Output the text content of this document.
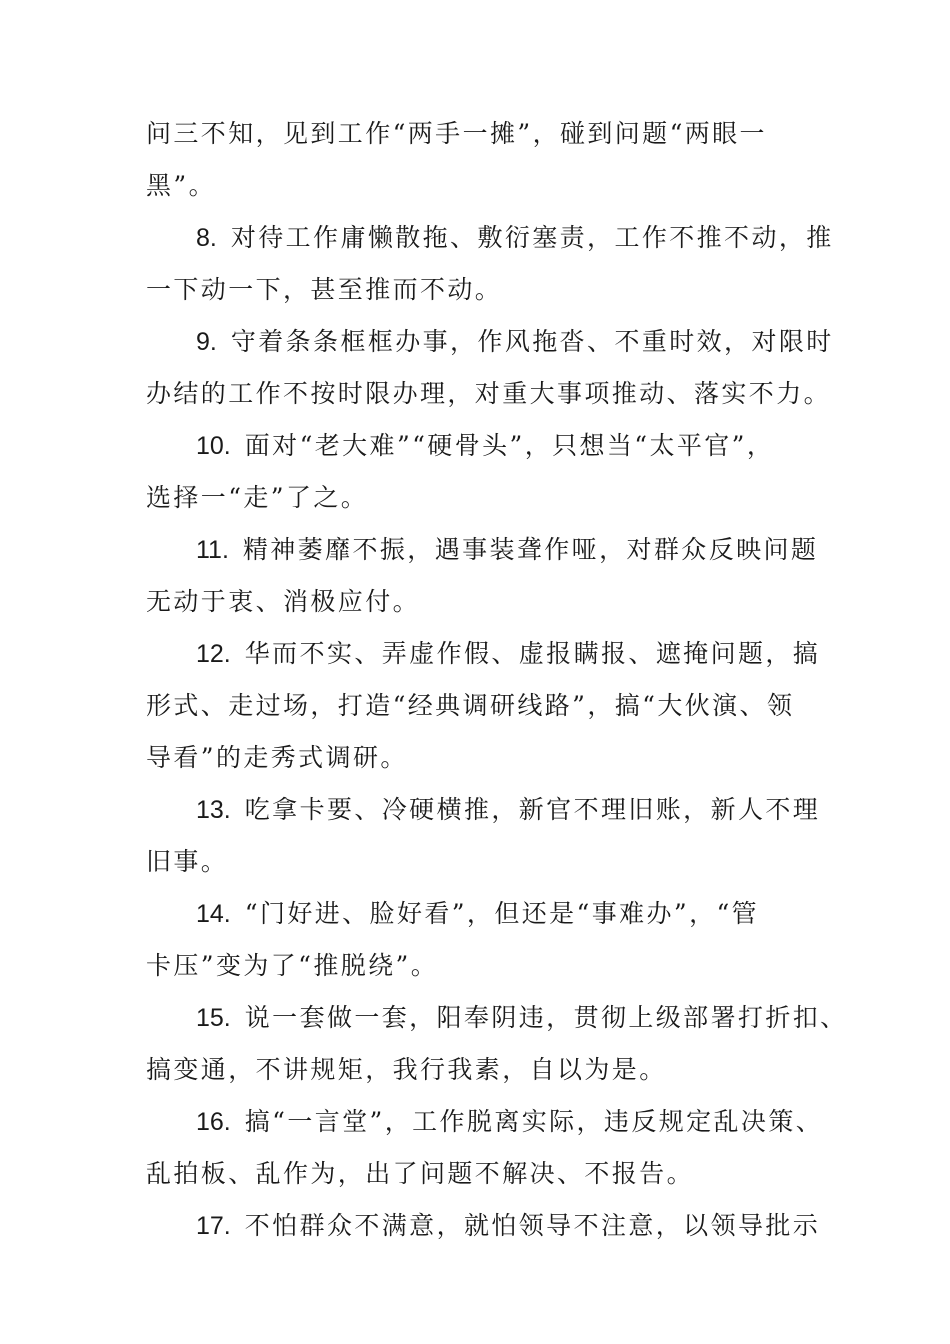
问三不知，见到工作“两手一摊”，碰到问题“两眼一
黑”。
8. 对待工作庸懒散拖、敷衍塞责，工作不推不动，推
一下动一下，甚至推而不动。
9. 守着条条框框办事，作风拖沓、不重时效，对限时
办结的工作不按时限办理，对重大事项推动、落实不力。
10. 面对“老大难”“硬骨头”，只想当“太平官”，
选择一“走”了之。
11. 精神萎靡不振，遇事装聋作哑，对群众反映问题
无动于衷、消极应付。
12. 华而不实、弄虚作假、虚报瞒报、遮掩问题，搞
形式、走过场，打造“经典调研线路”，搞“大伙演、领
导看”的走秀式调研。
13. 吃拿卡要、冷硬横推，新官不理旧账，新人不理
旧事。
14. “门好进、脸好看”，但还是“事难办”，“管
卡压”变为了“推脱绕”。
15. 说一套做一套，阳奉阴违，贯彻上级部署打折扣、
搞变通，不讲规矩，我行我素，自以为是。
16. 搞“一言堂”，工作脱离实际，违反规定乱决策、
乱拍板、乱作为，出了问题不解决、不报告。
17. 不怕群众不满意，就怕领导不注意，以领导批示
